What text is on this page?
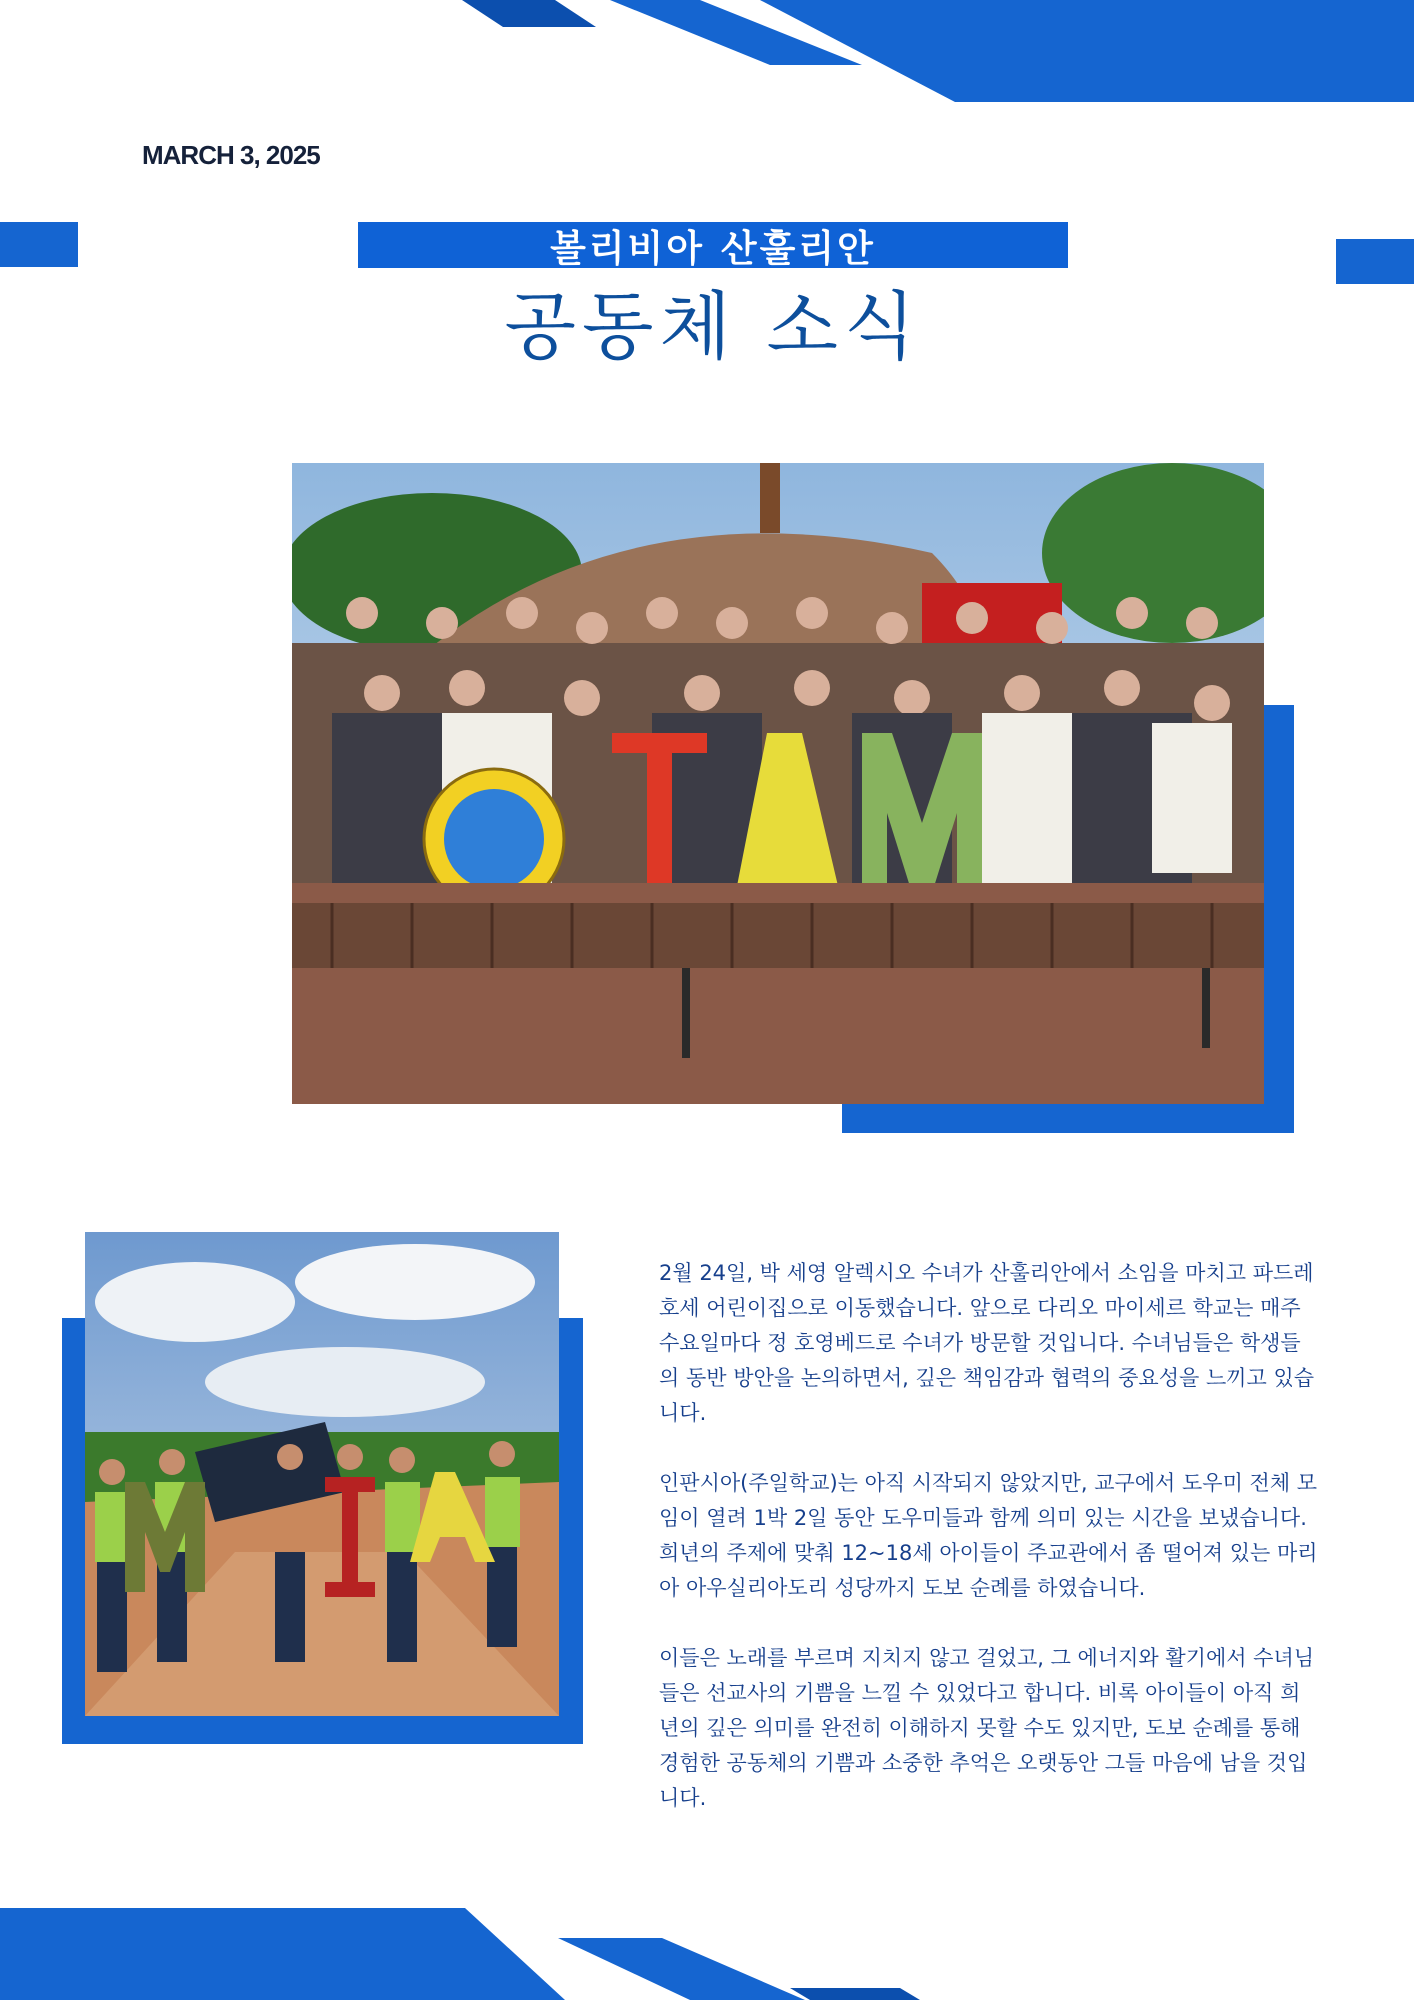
MARCH 3, 2025
볼리비아 산훌리안
공동체 소식

2월 24일, 박 세영 알렉시오 수녀가 산훌리안에서 소임을 마치고 파드레호세 어린이집으로 이동했습니다. 앞으로 다리오 마이세르 학교는 매주 수요일마다 정 호영베드로 수녀가 방문할 것입니다. 수녀님들은 학생들의 동반 방안을 논의하면서, 깊은 책임감과 협력의 중요성을 느끼고 있습니다.

인판시아(주일학교)는 아직 시작되지 않았지만, 교구에서 도우미 전체 모임이 열려 1박 2일 동안 도우미들과 함께 의미 있는 시간을 보냈습니다. 희년의 주제에 맞춰 12~18세 아이들이 주교관에서 좀 떨어져 있는 마리아 아우실리아도리 성당까지 도보 순례를 하였습니다.

이들은 노래를 부르며 지치지 않고 걸었고, 그 에너지와 활기에서 수녀님들은 선교사의 기쁨을 느낄 수 있었다고 합니다. 비록 아이들이 아직 희년의 깊은 의미를 완전히 이해하지 못할 수도 있지만, 도보 순례를 통해 경험한 공동체의 기쁨과 소중한 추억은 오랫동안 그들 마음에 남을 것입니다.
